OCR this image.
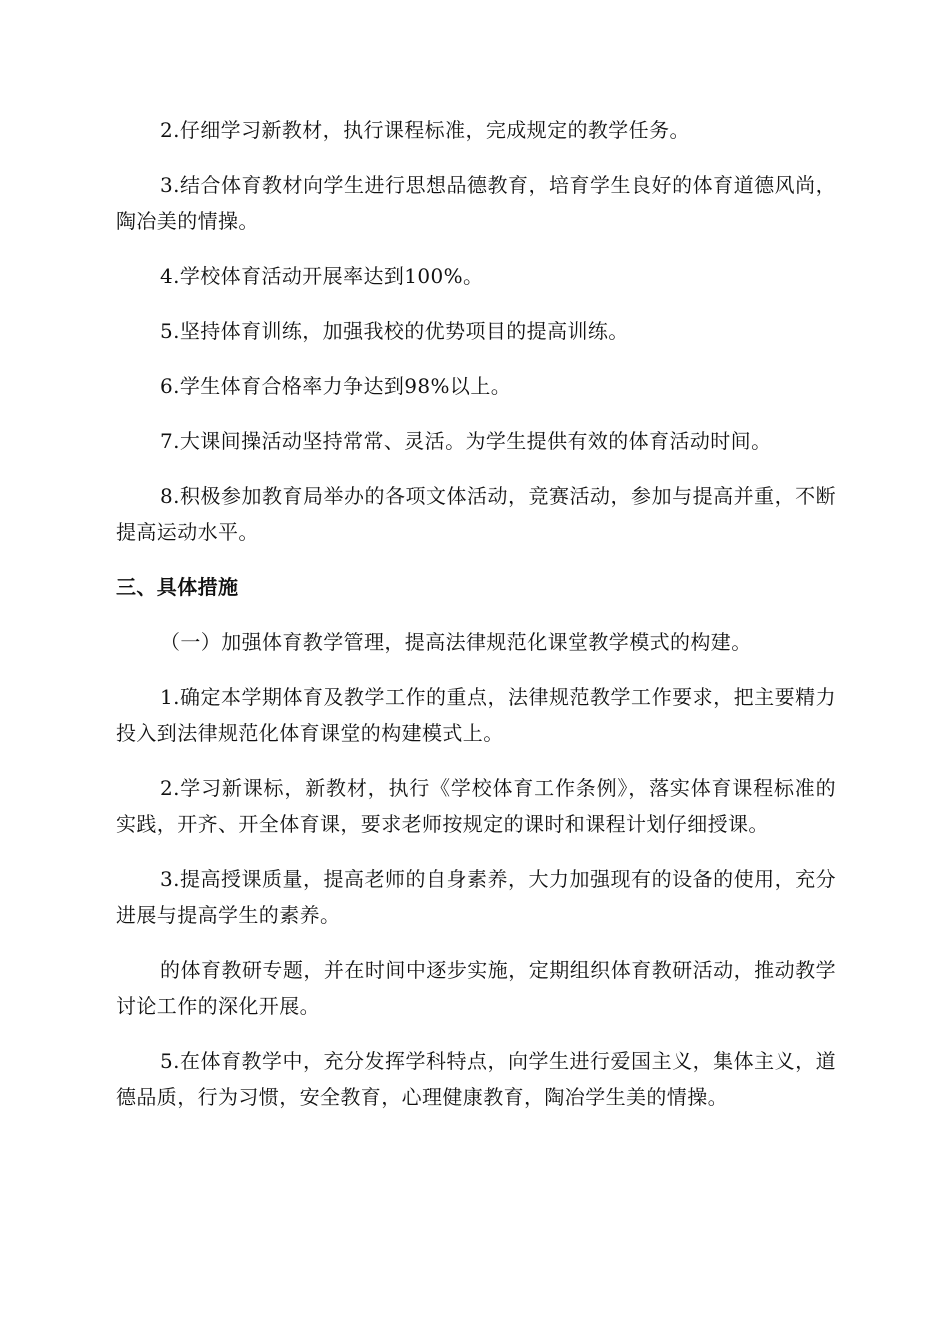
2.仔细学习新教材，执行课程标准，完成规定的教学任务。

3.结合体育教材向学生进行思想品德教育，培育学生良好的体育道德风尚，陶冶美的情操。

4.学校体育活动开展率达到100%。

5.坚持体育训练，加强我校的优势项目的提高训练。

6.学生体育合格率力争达到98%以上。

7.大课间操活动坚持常常、灵活。为学生提供有效的体育活动时间。

8.积极参加教育局举办的各项文体活动，竞赛活动，参加与提高并重，不断提高运动水平。

三、具体措施

（一）加强体育教学管理，提高法律规范化课堂教学模式的构建。

1.确定本学期体育及教学工作的重点，法律规范教学工作要求，把主要精力投入到法律规范化体育课堂的构建模式上。

2.学习新课标，新教材，执行《学校体育工作条例》，落实体育课程标准的实践，开齐、开全体育课，要求老师按规定的课时和课程计划仔细授课。

3.提高授课质量，提高老师的自身素养，大力加强现有的设备的使用，充分进展与提高学生的素养。

的体育教研专题，并在时间中逐步实施，定期组织体育教研活动，推动教学讨论工作的深化开展。

5.在体育教学中，充分发挥学科特点，向学生进行爱国主义，集体主义，道德品质，行为习惯，安全教育，心理健康教育，陶冶学生美的情操。
